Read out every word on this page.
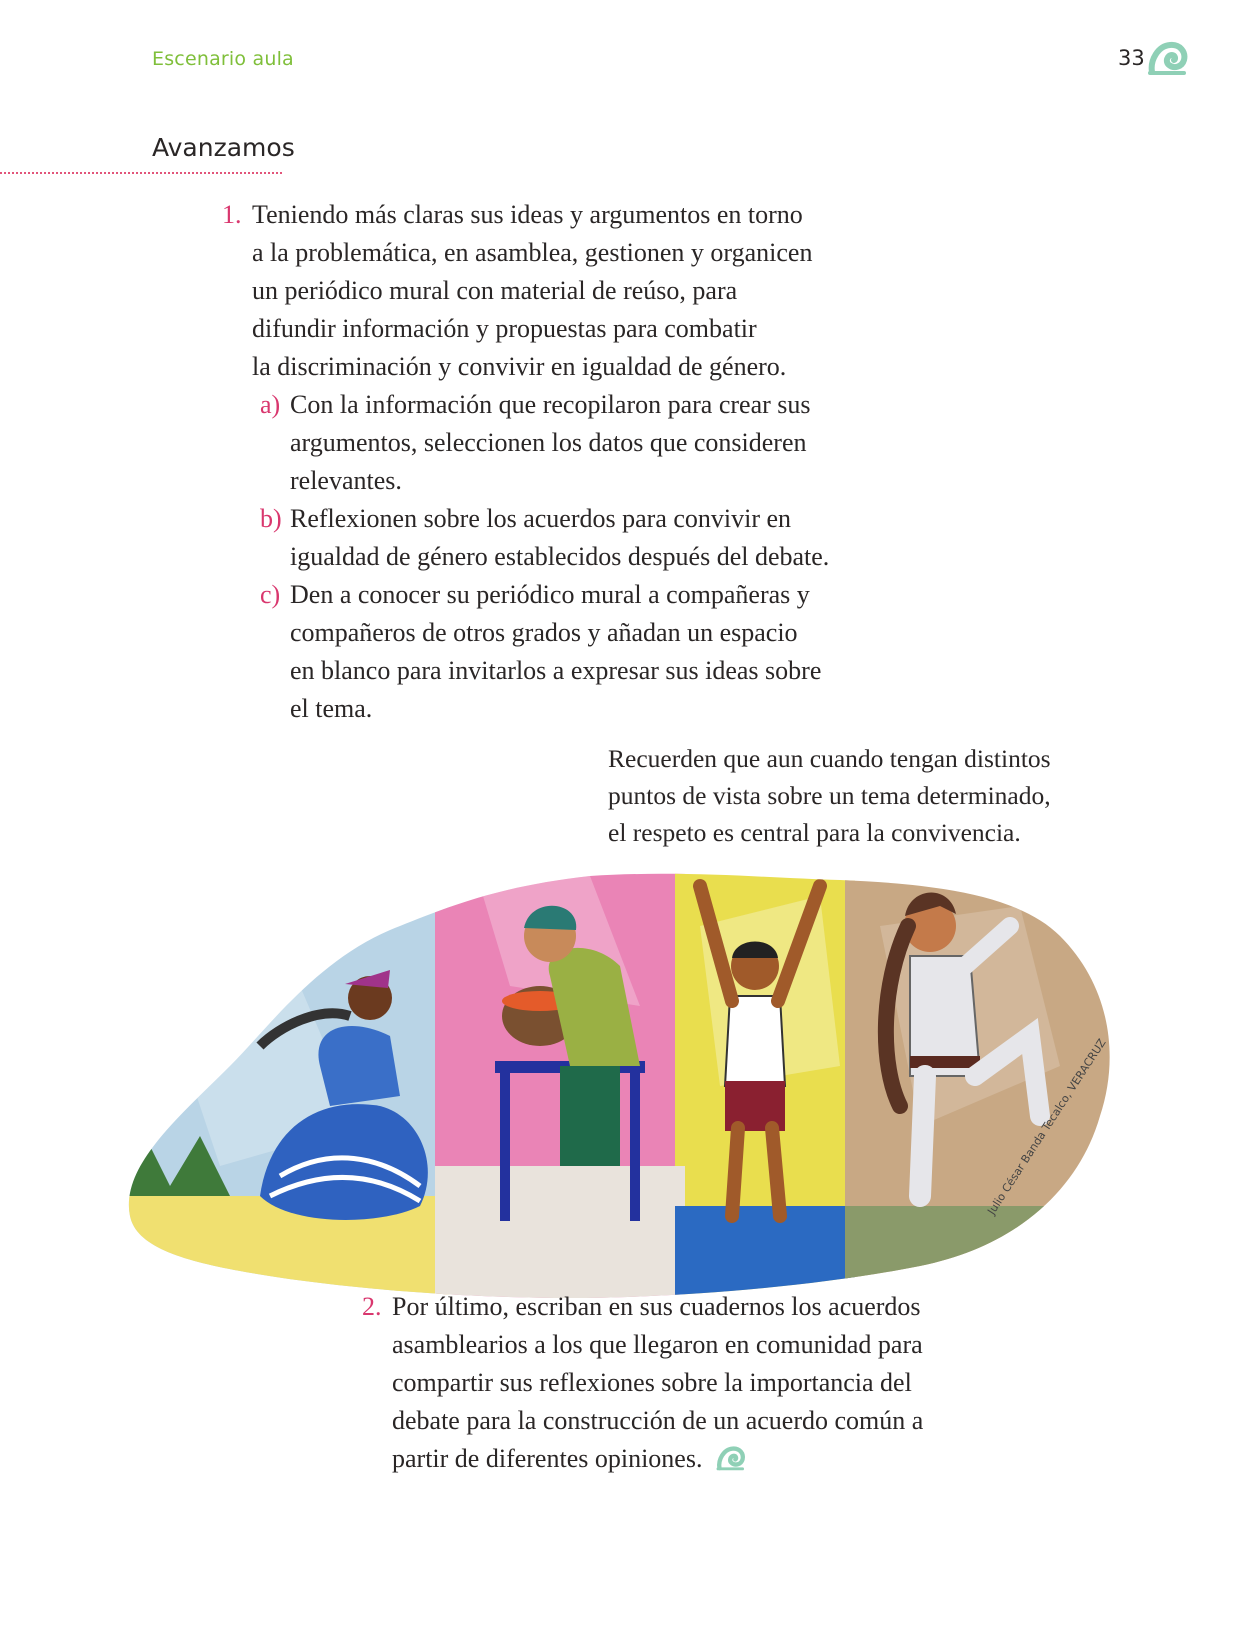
Escenario aula	33
Avanzamos
1. Teniendo más claras sus ideas y argumentos en torno
a la problemática, en asamblea, gestionen y organicen
un periódico mural con material de reúso, para
difundir información y propuestas para combatir
la discriminación y convivir en igualdad de género.
a) Con la información que recopilaron para crear sus
argumentos, seleccionen los datos que consideren
relevantes.
b) Reflexionen sobre los acuerdos para convivir en
igualdad de género establecidos después del debate.
c) Den a conocer su periódico mural a compañeras y
compañeros de otros grados y añadan un espacio
en blanco para invitarlos a expresar sus ideas sobre
el tema.
Recuerden que aun cuando tengan distintos
puntos de vista sobre un tema determinado,
el respeto es central para la convivencia.
Julio César Banda Tecalco, VERACRUZ
2. Por último, escriban en sus cuadernos los acuerdos
asamblearios a los que llegaron en comunidad para
compartir sus reflexiones sobre la importancia del
debate para la construcción de un acuerdo común a
partir de diferentes opiniones.
